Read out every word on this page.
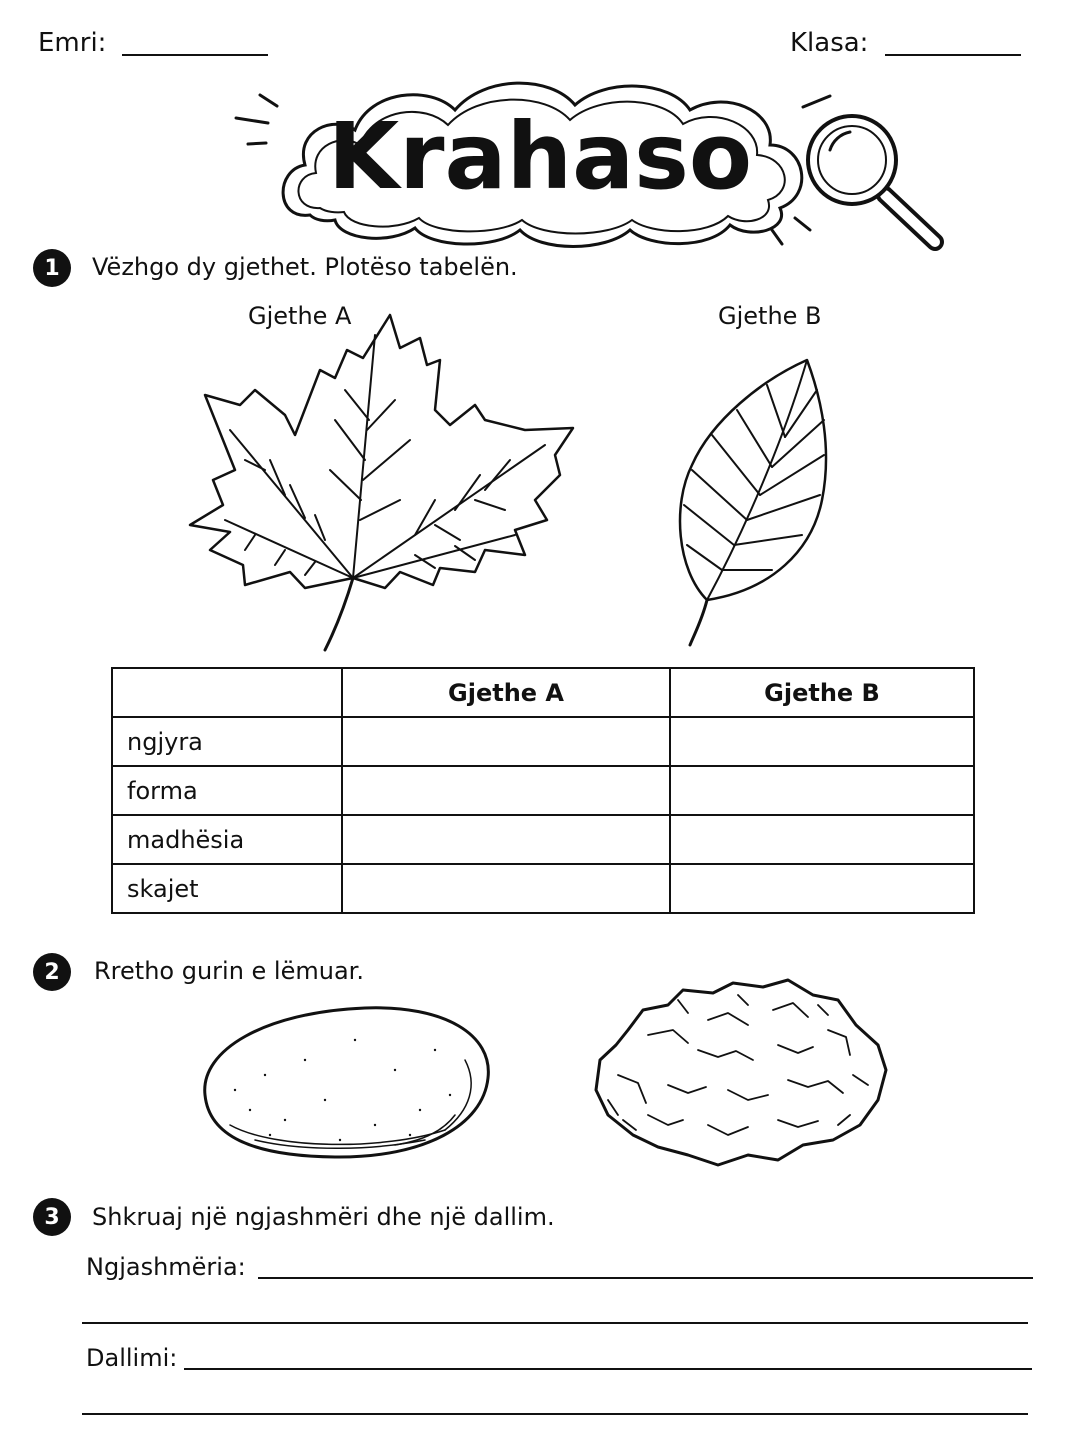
Emri:	Klasa:
Krahaso
1	Vëzhgo dy gjethet. Plotëso tabelën.
Gjethe A	Gjethe B
	Gjethe A	Gjethe B
ngjyra		
forma		
madhësia		
skajet		
2	Rretho gurin e lëmuar.
3	Shkruaj një ngjashmëri dhe një dallim.
Ngjashmëria:
Dallimi:
